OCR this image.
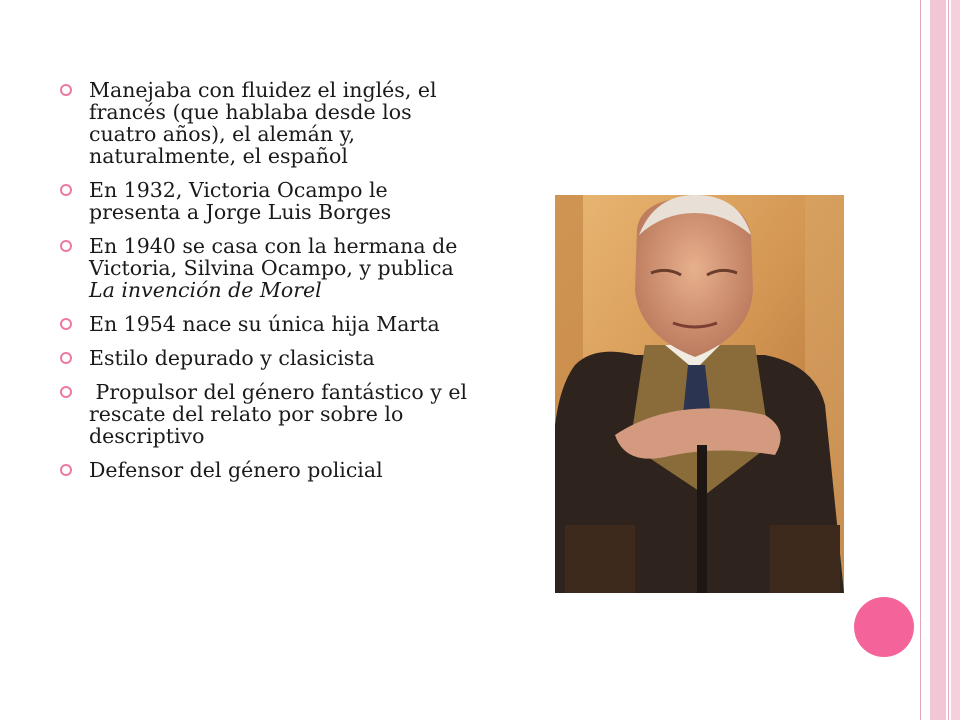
Manejaba con fluidez el inglés, el francés (que hablaba desde los cuatro años), el alemán y, naturalmente, el español
En 1932, Victoria Ocampo le presenta a Jorge Luis Borges
En 1940 se casa con la hermana de Victoria, Silvina Ocampo, y publica La invención de Morel
En 1954 nace su única hija Marta
Estilo depurado y clasicista
Propulsor del género fantástico y el rescate del relato por sobre lo descriptivo
Defensor del género policial
